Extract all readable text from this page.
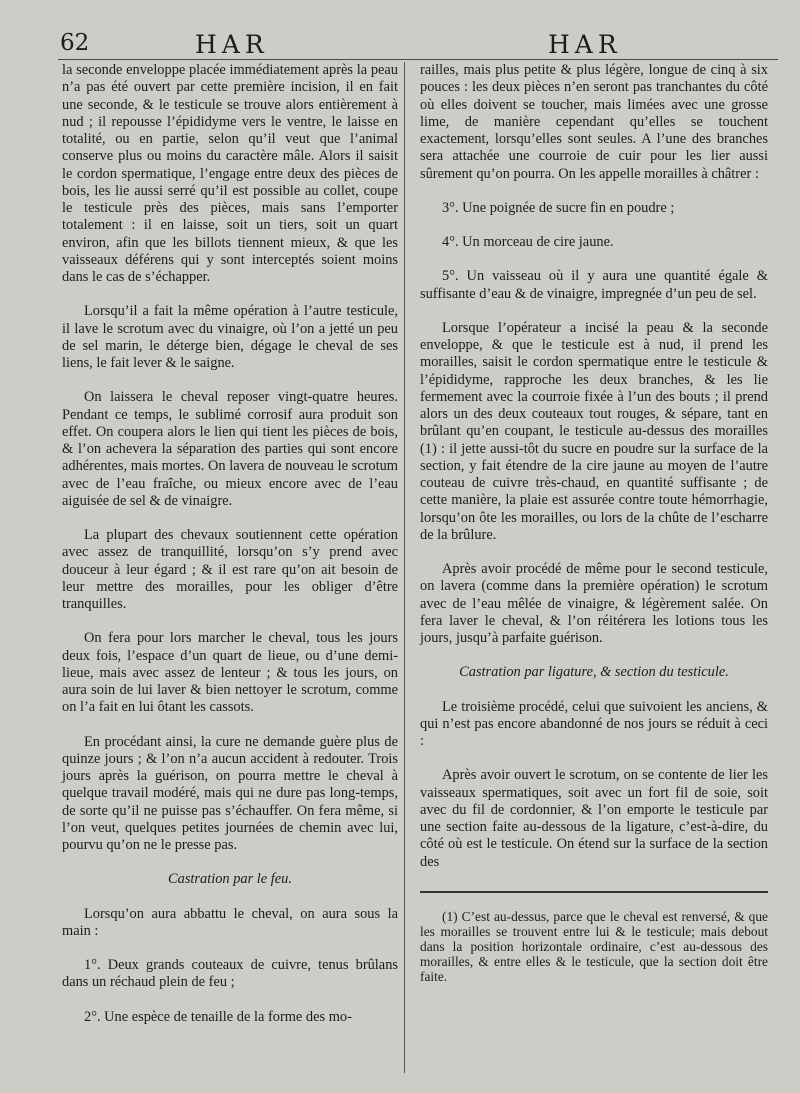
62	HAR	HAR

la seconde enveloppe placée immédiatement après la peau n’a pas été ouvert par cette première incision, il en fait une seconde, & le testicule se trouve alors entièrement à nud ; il repousse l’épididyme vers le ventre, le laisse en totalité, ou en partie, selon qu’il veut que l’animal conserve plus ou moins du caractère mâle. Alors il saisit le cordon spermatique, l’engage entre deux des pièces de bois, les lie aussi serré qu’il est possible au collet, coupe le testicule près des pièces, mais sans l’emporter totalement : il en laisse, soit un tiers, soit un quart environ, afin que les billots tiennent mieux, & que les vaisseaux déférens qui y sont interceptés soient moins dans le cas de s’échapper.

Lorsqu’il a fait la même opération à l’autre testicule, il lave le scrotum avec du vinaigre, où l’on a jetté un peu de sel marin, le déterge bien, dégage le cheval de ses liens, le fait lever & le saigne.

On laissera le cheval reposer vingt-quatre heures. Pendant ce temps, le sublimé corrosif aura produit son effet. On coupera alors le lien qui tient les pièces de bois, & l’on achevera la séparation des parties qui sont encore adhérentes, mais mortes. On lavera de nouveau le scrotum avec de l’eau fraîche, ou mieux encore avec de l’eau aiguisée de sel & de vinaigre.

La plupart des chevaux soutiennent cette opération avec assez de tranquillité, lorsqu’on s’y prend avec douceur à leur égard ; & il est rare qu’on ait besoin de leur mettre des morailles, pour les obliger d’être tranquilles.

On fera pour lors marcher le cheval, tous les jours deux fois, l’espace d’un quart de lieue, ou d’une demi-lieue, mais avec assez de lenteur ; & tous les jours, on aura soin de lui laver & bien nettoyer le scrotum, comme on l’a fait en lui ôtant les cassots.

En procédant ainsi, la cure ne demande guère plus de quinze jours ; & l’on n’a aucun accident à redouter. Trois jours après la guérison, on pourra mettre le cheval à quelque travail modéré, mais qui ne dure pas long-temps, de sorte qu’il ne puisse pas s’échauffer. On fera même, si l’on veut, quelques petites journées de chemin avec lui, pourvu qu’on ne le presse pas.

Castration par le feu.

Lorsqu’on aura abbattu le cheval, on aura sous la main :

1°. Deux grands couteaux de cuivre, tenus brûlans dans un réchaud plein de feu ;

2°. Une espèce de tenaille de la forme des mo-

railles, mais plus petite & plus légère, longue de cinq à six pouces : les deux pièces n’en seront pas tranchantes du côté où elles doivent se toucher, mais limées avec une grosse lime, de manière cependant qu’elles se touchent exactement, lorsqu’elles sont seules. A l’une des branches sera attachée une courroie de cuir pour les lier aussi sûrement qu’on pourra. On les appelle morailles à châtrer :

3°. Une poignée de sucre fin en poudre ;

4°. Un morceau de cire jaune.

5°. Un vaisseau où il y aura une quantité égale & suffisante d’eau & de vinaigre, impregnée d’un peu de sel.

Lorsque l’opérateur a incisé la peau & la seconde enveloppe, & que le testicule est à nud, il prend les morailles, saisit le cordon spermatique entre le testicule & l’épididyme, rapproche les deux branches, & les lie fermement avec la courroie fixée à l’un des bouts ; il prend alors un des deux couteaux tout rouges, & sépare, tant en brûlant qu’en coupant, le testicule au-dessus des morailles (1) : il jette aussi-tôt du sucre en poudre sur la surface de la section, y fait étendre de la cire jaune au moyen de l’autre couteau de cuivre très-chaud, en quantité suffisante ; de cette manière, la plaie est assurée contre toute hémorrhagie, lorsqu’on ôte les morailles, ou lors de la chûte de l’escharre de la brûlure.

Après avoir procédé de même pour le second testicule, on lavera (comme dans la première opération) le scrotum avec de l’eau mêlée de vinaigre, & légèrement salée. On fera laver le cheval, & l’on réitérera les lotions tous les jours, jusqu’à parfaite guérison.

Castration par ligature, & section du testicule.

Le troisième procédé, celui que suivoient les anciens, & qui n’est pas encore abandonné de nos jours se réduit à ceci :

Après avoir ouvert le scrotum, on se contente de lier les vaisseaux spermatiques, soit avec un fort fil de soie, soit avec du fil de cordonnier, & l’on emporte le testicule par une section faite au-dessous de la ligature, c’est-à-dire, du côté où est le testicule. On étend sur la surface de la section des

(1) C’est au-dessus, parce que le cheval est renversé, & que les morailles se trouvent entre lui & le testicule; mais debout dans la position horizontale ordinaire, c’est au-dessous des morailles, & entre elles & le testicule, que la section doit être faite.
